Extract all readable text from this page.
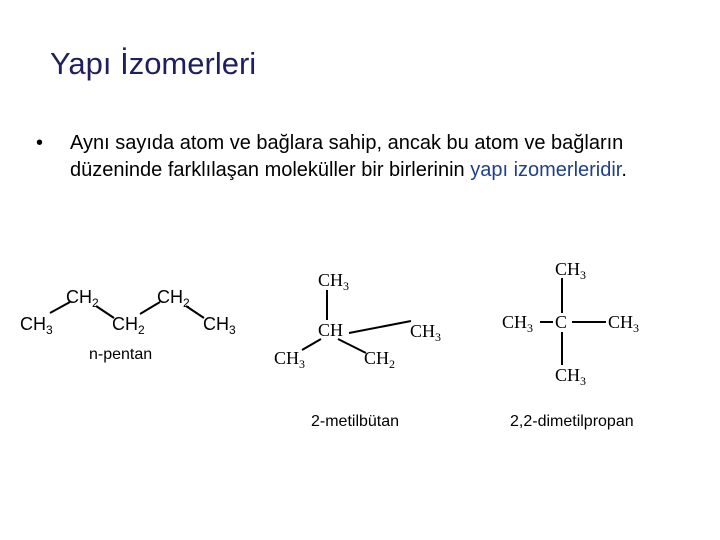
Yapı İzomerleri
• Aynı sayıda atom ve bağlara sahip, ancak bu atom ve bağların düzeninde farklılaşan moleküller bir birlerinin yapı izomerleridir.
$CH_3$
$CH_2$
$CH_2$
$CH_2$
$CH_3$
n-pentan
$CH_3$
CH	$CH_3$
$CH_3$	$CH_2$
2-metilbütan
$CH_3$
$CH_3$ C $CH_3$
$CH_3$
2,2-dimetilpropan
